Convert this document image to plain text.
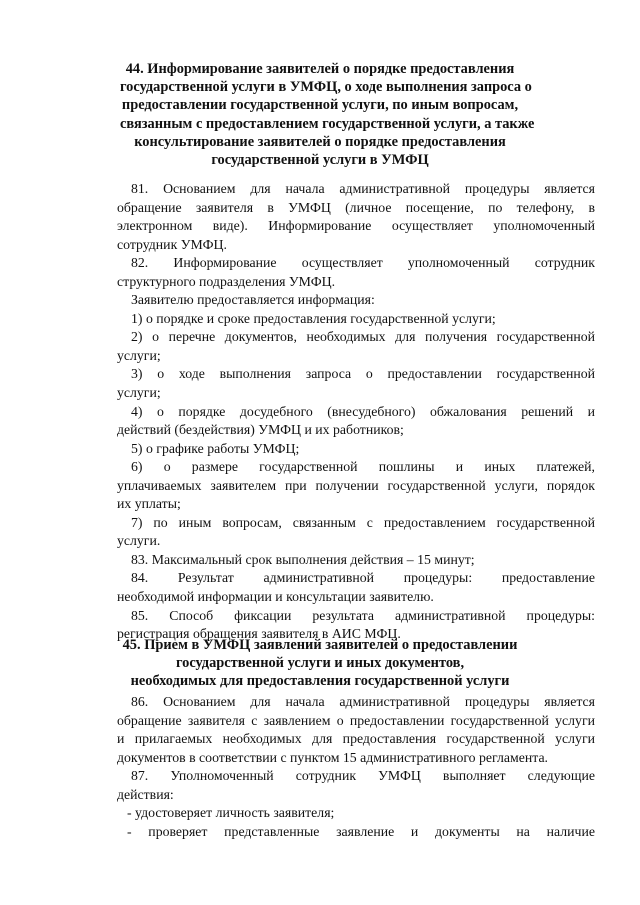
44. Информирование заявителей о порядке предоставления
государственной услуги в УМФЦ, о ходе выполнения запроса о
предоставлении государственной услуги, по иным вопросам,
связанным с предоставлением государственной услуги, а также
консультирование заявителей о порядке предоставления
государственной услуги в УМФЦ
81. Основанием для начала административной процедуры является
обращение заявителя в УМФЦ (личное посещение, по телефону, в
электронном виде). Информирование осуществляет уполномоченный
сотрудник УМФЦ.
82. Информирование осуществляет уполномоченный сотрудник
структурного подразделения УМФЦ.
Заявителю предоставляется информация:
1) о порядке и сроке предоставления государственной услуги;
2) о перечне документов, необходимых для получения государственной
услуги;
3) о ходе выполнения запроса о предоставлении государственной
услуги;
4) о порядке досудебного (внесудебного) обжалования решений и
действий (бездействия) УМФЦ и их работников;
5) о графике работы УМФЦ;
6) о размере государственной пошлины и иных платежей,
уплачиваемых заявителем при получении государственной услуги, порядок
их уплаты;
7) по иным вопросам, связанным с предоставлением государственной
услуги.
83. Максимальный срок выполнения действия – 15 минут;
84. Результат административной процедуры: предоставление
необходимой информации и консультации заявителю.
85. Способ фиксации результата административной процедуры:
регистрация обращения заявителя в АИС МФЦ.
45. Прием в УМФЦ заявлений заявителей о предоставлении
государственной услуги и иных документов,
необходимых для предоставления государственной услуги
86. Основанием для начала административной процедуры является
обращение заявителя с заявлением о предоставлении государственной услуги
и прилагаемых необходимых для предоставления государственной услуги
документов в соответствии с пунктом 15 административного регламента.
87. Уполномоченный сотрудник УМФЦ выполняет следующие
действия:
- удостоверяет личность заявителя;
- проверяет представленные заявление и документы на наличие
